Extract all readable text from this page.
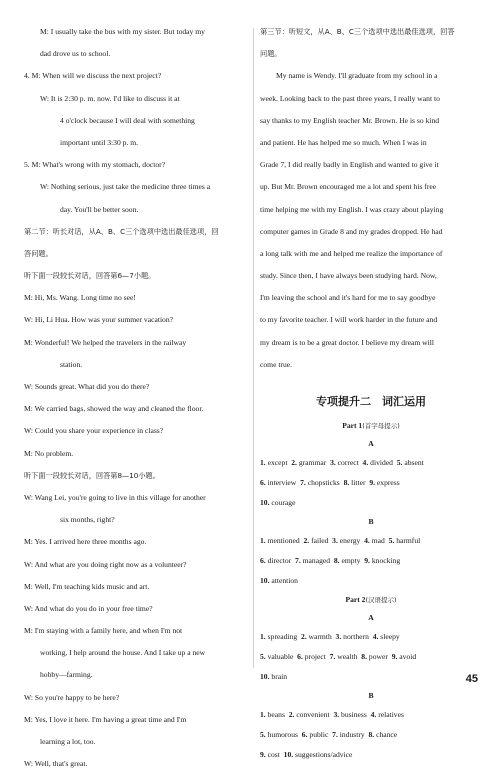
M: I usually take the bus with my sister. But today my
dad drove us to school.
4. M: When will we discuss the next project?
W: It is 2:30 p. m. now. I'd like to discuss it at
4 o'clock because I will deal with something
important until 3:30 p. m.
5. M: What's wrong with my stomach, doctor?
W: Nothing serious, just take the medicine three times a
day. You'll be better soon.
第二节：听长对话，从A、B、C三个选项中选出最佳选项，回
答问题。
听下面一段较长对话，回答第6—7小题。
M: Hi, Ms. Wang. Long time no see!
W: Hi, Li Hua. How was your summer vacation?
M: Wonderful! We helped the travelers in the railway
station.
W: Sounds great. What did you do there?
M: We carried bags, showed the way and cleaned the floor.
W: Could you share your experience in class?
M: No problem.
听下面一段较长对话，回答第8—10小题。
W: Wang Lei, you're going to live in this village for another
six months, right?
M: Yes. I arrived here three months ago.
W: And what are you doing right now as a volunteer?
M: Well, I'm teaching kids music and art.
W: And what do you do in your free time?
M: I'm staying with a family here, and when I'm not
working, I help around the house. And I take up a new
hobby—farming.
W: So you're happy to be here?
M: Yes, I love it here. I'm having a great time and I'm
learning a lot, too.
W: Well, that's great.
第三节：听短文，从A、B、C三个选项中选出最佳选项，回答
问题。
My name is Wendy. I'll graduate from my school in a
week. Looking back to the past three years, I really want to
say thanks to my English teacher Mr. Brown. He is so kind
and patient. He has helped me so much. When I was in
Grade 7, I did really badly in English and wanted to give it
up. But Mr. Brown encouraged me a lot and spent his free
time helping me with my English. I was crazy about playing
computer games in Grade 8 and my grades dropped. He had
a long talk with me and helped me realize the importance of
study. Since then, I have always been studying hard. Now,
I'm leaving the school and it's hard for me to say goodbye
to my favorite teacher. I will work harder in the future and
my dream is to be a great doctor. I believe my dream will
come true.
专项提升二　词汇运用
Part 1(首字母提示)
A
1. except  2. grammar  3. correct  4. divided  5. absent
6. interview  7. chopsticks  8. litter  9. express
10. courage
B
1. mentioned  2. failed  3. energy  4. mad  5. harmful
6. director  7. managed  8. empty  9. knocking
10. attention
Part 2(汉语提示)
A
1. spreading  2. warmth  3. northern  4. sleepy
5. valuable  6. project  7. wealth  8. power  9. avoid
10. brain
B
1. beans  2. convenient  3. business  4. relatives
5. humorous  6. public  7. industry  8. chance
9. cost  10. suggestions/advice
45
